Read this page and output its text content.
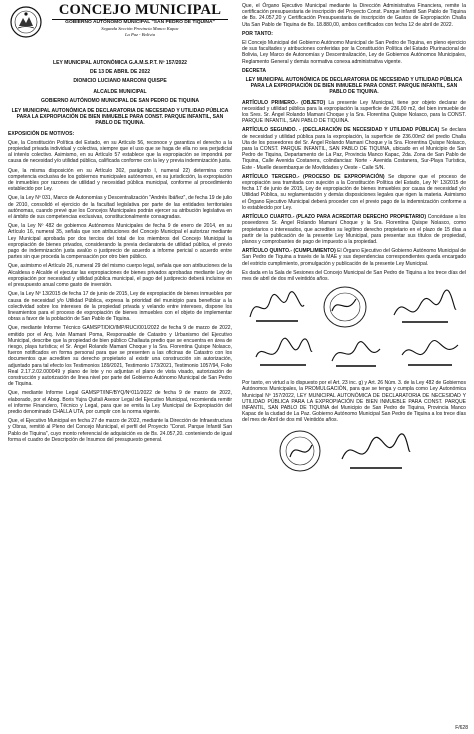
CONCEJO MUNICIPAL
GOBIERNO AUTÓNOMO MUNICIPAL "SAN PEDRO DE TIQUINA"
Segunda Sección Provincia Manco Kapac
La Paz - Bolivia

LEY MUNICIPAL AUTONÓMICA G.A.M.S.P.T. Nº 157/2022

DE 13 DE ABRIL DE 2022

DIONICIO LUCIANO MARCONI QUISPE

ALCALDE MUNICIPAL

GOBIERNO AUTÓNOMO MUNICIPAL DE SAN PEDRO DE TIQUINA

LEY MUNICIPAL AUTONÓMICA DE DECLARATORIA DE NECESIDAD Y UTILIDAD PÚBLICA PARA LA EXPROPIACIÓN DE BIEN INMUEBLE PARA CONST. PARQUE INFANTIL, SAN PABLO DE TIQUINA.

EXPOSICIÓN DE MOTIVOS:

Que, la Constitución Política del Estado, en su Artículo 56, reconoce y garantiza el derecho a la propiedad privada individual y colectiva, siempre que el uso que se haga de ella no sea perjudicial al interés colectivo. Asimismo, en su Artículo 57 establece que la expropiación se impondrá por causa de necesidad y/o utilidad pública, calificada conforme con la ley y previa indemnización justa.

Que, la misma disposición en su Artículo 302, parágrafo I, numeral 22) determina como competencia exclusiva de los gobiernos municipales autónomos, en su jurisdicción, la expropiación de inmuebles por razones de utilidad y necesidad pública municipal, conforme al procedimiento establecido por Ley.

Que, la Ley Nº 031, Marco de Autonomías y Descentralización "Andrés Ibáñez", de fecha 19 de julio de 2010, consolidó el ejercicio de la facultad legislativa por parte de las entidades territoriales autónomas, cuando prevé que los Concejos Municipales podrán ejercer su atribución legislativa en el ámbito de sus competencias exclusivas, constitucionalmente consagradas.

Que, la Ley Nº 482 de gobiernos Autónomos Municipales de fecha 9 de enero de 2014, en su Artículo 16, numeral 35, señala que son atribuciones del Concejo Municipal el autorizar mediante Ley Municipal aprobada por dos tercios del total de los miembros del Concejo Municipal la expropiación de bienes privados, considerando la previa declaratoria de utilidad pública, el previo pago de indemnización justa avalúo o justiprecio de acuerdo a informe pericial o acuerdo entre partes sin que proceda la compensación por otro bien público.

Que, asimismo el Artículo 26, numeral 29 del mismo cuerpo legal, señala que son atribuciones de la Alcaldesa o Alcalde el ejecutar las expropiaciones de bienes privados aprobadas mediante Ley de expropiación por necesidad y utilidad pública municipal, el pago del justiprecio deberá incluirse en el presupuesto anual como gasto de inversión.

Que, la Ley Nº 13/2015 de fecha 17 de junio de 2015, Ley de expropiación de bienes inmuebles por causa de necesidad y/o Utilidad Pública, expresa la prioridad del municipio para beneficiar a la colectividad sobre los intereses de la propiedad privada y velando entre intereses, dispone los lineamientos para el proceso de expropiación de bienes inmuebles con el objeto de implementar obras a favor de la población de San Pablo de Tiquina.

Que, mediante Informe Técnico GAMSPT/DIO/IMP/RUC/001/2022 de fecha 9 de marzo de 2022, emitido por el Arq. Iván Mamani Poma, Responsable de Catastro y Urbanismo del Ejecutivo Municipal, describe que la propiedad de bien público Challauta predio que se encuentra en área de riesgo, playa turística; el Sr. Ángel Rolando Mamani Choque y la Sra. Florentina Quispe Nolasco, fueron notificados en forma personal para que se presenten a las oficinas de Catastro con los documentos que acrediten su derecho propietario al existir una construcción sin autorización, adjuntado para tal efecto los Testimonios 189/2021, Testimonio 173/2021, Testimonio 1057/94, Folio Real 2.17.2.02.000049 y plano de lote y no adjuntan el plano de vista visado, autorización de construcción y autorización de línea nivel por parte del Gobierno Autónomo Municipal de San Pedro de Tiquina.

Que, mediante Informe Legal GAMSPT/INF/BYQ/Nº011/2022 de fecha 9 de marzo de 2022, elaborado, por el Abog. Boris Yujra Quitali Asesor Legal del Ejecutivo Municipal, recomienda remitir el informe Financiero, Técnico y Legal, para que se emita la Ley Municipal de Expropiación del predio denominado CHALLA UTA, por cumplir con la norma vigente.

Que, el Ejecutivo Municipal en fecha 27 de marzo de 2022, mediante la Dirección de Infraestructura y Obras, remitió al Pleno del Concejo Municipal, el perfil del Proyecto "Const. Parque Infantil San Pablo de Tiquina", cuyo monto referencial de adquisición es de Bs. 24.057,20. conteniendo de igual forma el cuadro de Descripción de Insumos del presupuesto general.

Que, el Órgano Ejecutivo Municipal mediante la Dirección Administrativa Financiera, remite la certificación presupuestaria de inscripción del Proyecto Const. Parque Infantil San Pablo de Tiquina de Bs. 24.057,20 y Certificación Presupuestaria de inscripción de Gastos de Expropiación Challa Uta San Pablo de Tiquina de Bs. 18.880,00, ambos certificados con fecha 12 de abril de 2022.

POR TANTO:

El Concejo Municipal del Gobierno Autónomo Municipal de San Pedro de Tiquina, en pleno ejercicio de sus facultades y atribuciones conferidas por la Constitución Política del Estado Plurinacional de Bolivia, Ley Marco de Autonomías y Descentralización, Ley de Gobiernos Autónomos Municipales, Reglamento General y demás normativa conexa administrativa vigente.

DECRETA

LEY MUNICIPAL AUTONÓMICA DE DECLARATORIA DE NECESIDAD Y UTILIDAD PÚBLICA PARA LA EXPROPIACIÓN DE BIEN INMUEBLE PARA CONST. PARQUE INFANTIL, SAN PABLO DE TIQUINA.

ARTÍCULO PRIMERO.- (OBJETO) La presente Ley Municipal, tiene por objeto declarar de necesidad y utilidad pública para la expropiación la superficie de 236,00 m2, del bien inmueble de los Sres. Sr. Ángel Rolando Mamani Choque y la Sra. Florentina Quispe Nolasco, para la CONST. PARQUE INFANTIL, SAN PABLO DE TIQUINA.

ARTÍCULO SEGUNDO. - (DECLARACIÓN DE NECESIDAD Y UTILIDAD PÚBLICA) Se declara de necesidad y utilidad pública para la expropiación, la superficie de 236.00m2 del predio Challa Uta de los poseedores del Sr. Ángel Rolando Mamani Choque y la Sra. Florentina Quispe Nolasco, para la CONST. PARQUE INFANTIL, SAN PABLO DE TIQUINA, ubicado en el Municipio de San Pedro de Tiquina, Departamento de La Paz, Provincia Manco Kapac, 2da. Zona de San Pablo de Tiquina, Calle Avenida Costanera, colindancias: Norte - Avenida Costanera, Sur-Playa Turística, Este - Muelle desembarque de Movilidades y Oeste - Calle S/N.

ARTÍCULO TERCERO.- (PROCESO DE EXPROPIACIÓN) Se dispone que el proceso de expropiación sea tramitada con sujeción a la Constitución Política del Estado, Ley Nº 13/2015 de fecha 17 de junio de 2015, Ley de expropiación de bienes inmuebles por causa de necesidad y/o Utilidad Pública, su reglamentación y demás disposiciones legales que rigen la materia. Asimismo el Órgano Ejecutivo Municipal deberá proceder con el previo pago de la indemnización conforme a lo establecido por Ley.

ARTÍCULO CUARTO.- (PLAZO PARA ACREDITAR DERECHO PROPIETARIO) Concédase a los poseedores Sr. Ángel Rolando Mamani Choque y la Sra. Florentina Quispe Nolasco, como propietarios o interesados, que acrediten su legítimo derecho propietario en el plazo de 15 días a partir de la publicación de la presente Ley Municipal, para presentar sus títulos de propiedad, planos y comprobantes de pago de impuesto a la propiedad.

ARTÍCULO QUINTO.- (CUMPLIMIENTO) El Órgano Ejecutivo del Gobierno Autónomo Municipal de San Pedro de Tiquina a través de la MAE y sus dependencias correspondientes queda encargado del estricto cumplimiento, promulgación y publicación de la presente Ley Municipal.

Es dada en la Sala de Sesiones del Concejo Municipal de San Pedro de Tiquina a los trece días del mes de abril de dos mil veintidós años.

Por tanto, en virtud a lo dispuesto por el Art. 23 inc. g) y Art. 26 Núm. 3. de la Ley 482 de Gobiernos Autónomos Municipales, la PROMULGACIÓN, para que se tenga y cumpla como Ley Autonómica Municipal Nº 157/2022, LEY MUNICIPAL AUTONÓMICA DE DECLARATORIA DE NECESIDAD Y UTILIDAD PÚBLICA PARA LA EXPROPIACIÓN DE BIEN INMUEBLE PARA CONST. PARQUE INFANTIL, SAN PABLO DE TIQUINA del Municipio de San Pedro de Tiquina, Provincia Manco Kapac de la ciudad de La Paz. Gobierno Autónomo Municipal San Pedro de Tiquina a los trece días del mes de Abril de dos mil Veintidós años.

F/628
